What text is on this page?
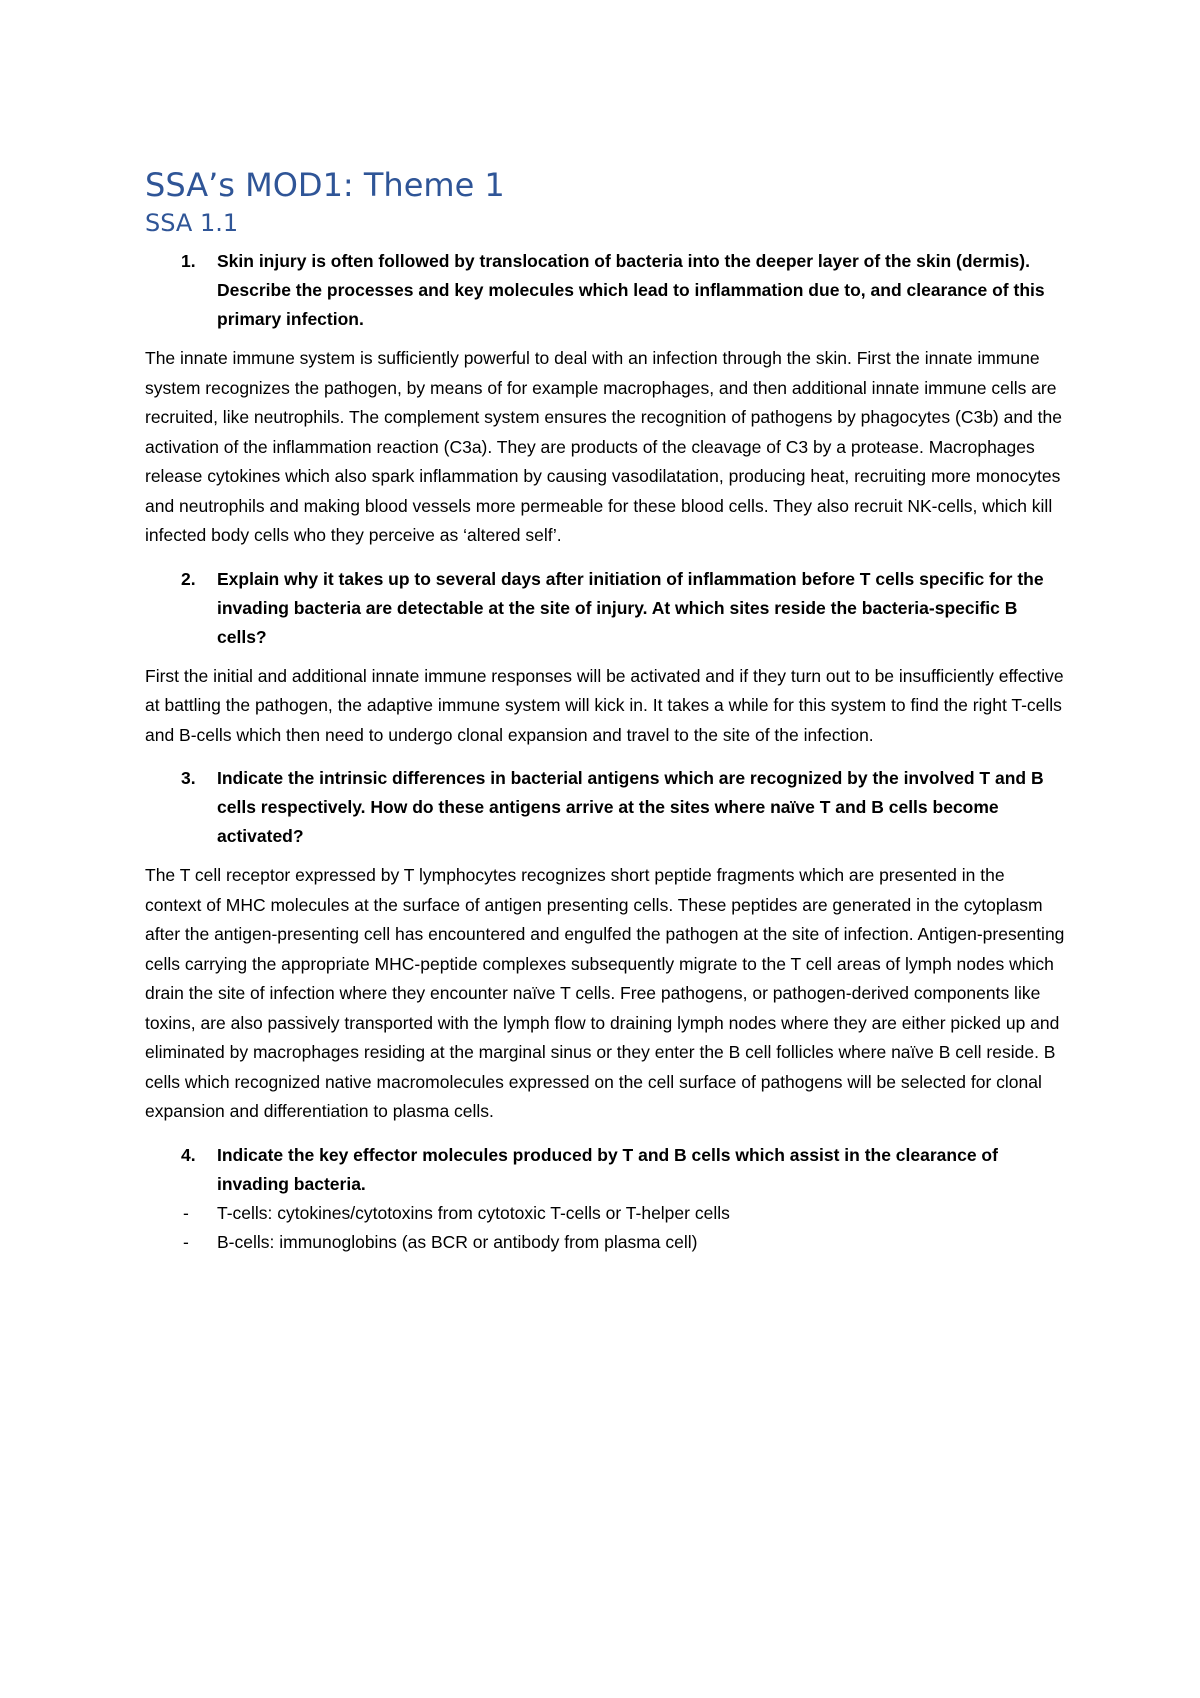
SSA’s MOD1: Theme 1
SSA 1.1
1.	Skin injury is often followed by translocation of bacteria into the deeper layer of the skin (dermis). Describe the processes and key molecules which lead to inflammation due to, and clearance of this primary infection.

The innate immune system is sufficiently powerful to deal with an infection through the skin. First the innate immune system recognizes the pathogen, by means of for example macrophages, and then additional innate immune cells are recruited, like neutrophils. The complement system ensures the recognition of pathogens by phagocytes (C3b) and the activation of the inflammation reaction (C3a). They are products of the cleavage of C3 by a protease. Macrophages release cytokines which also spark inflammation by causing vasodilatation, producing heat, recruiting more monocytes and neutrophils and making blood vessels more permeable for these blood cells. They also recruit NK-cells, which kill infected body cells who they perceive as ‘altered self’.

2.	Explain why it takes up to several days after initiation of inflammation before T cells specific for the invading bacteria are detectable at the site of injury. At which sites reside the bacteria-specific B cells?

First the initial and additional innate immune responses will be activated and if they turn out to be insufficiently effective at battling the pathogen, the adaptive immune system will kick in. It takes a while for this system to find the right T-cells and B-cells which then need to undergo clonal expansion and travel to the site of the infection.

3.	Indicate the intrinsic differences in bacterial antigens which are recognized by the involved T and B cells respectively. How do these antigens arrive at the sites where naïve T and B cells become activated?

The T cell receptor expressed by T lymphocytes recognizes short peptide fragments which are presented in the context of MHC molecules at the surface of antigen presenting cells. These peptides are generated in the cytoplasm after the antigen-presenting cell has encountered and engulfed the pathogen at the site of infection. Antigen-presenting cells carrying the appropriate MHC-peptide complexes subsequently migrate to the T cell areas of lymph nodes which drain the site of infection where they encounter naïve T cells. Free pathogens, or pathogen-derived components like toxins, are also passively transported with the lymph flow to draining lymph nodes where they are either picked up and eliminated by macrophages residing at the marginal sinus or they enter the B cell follicles where naïve B cell reside. B cells which recognized native macromolecules expressed on the cell surface of pathogens will be selected for clonal expansion and differentiation to plasma cells.

4.	Indicate the key effector molecules produced by T and B cells which assist in the clearance of invading bacteria.
-	T-cells: cytokines/cytotoxins from cytotoxic T-cells or T-helper cells
-	B-cells: immunoglobins (as BCR or antibody from plasma cell)
